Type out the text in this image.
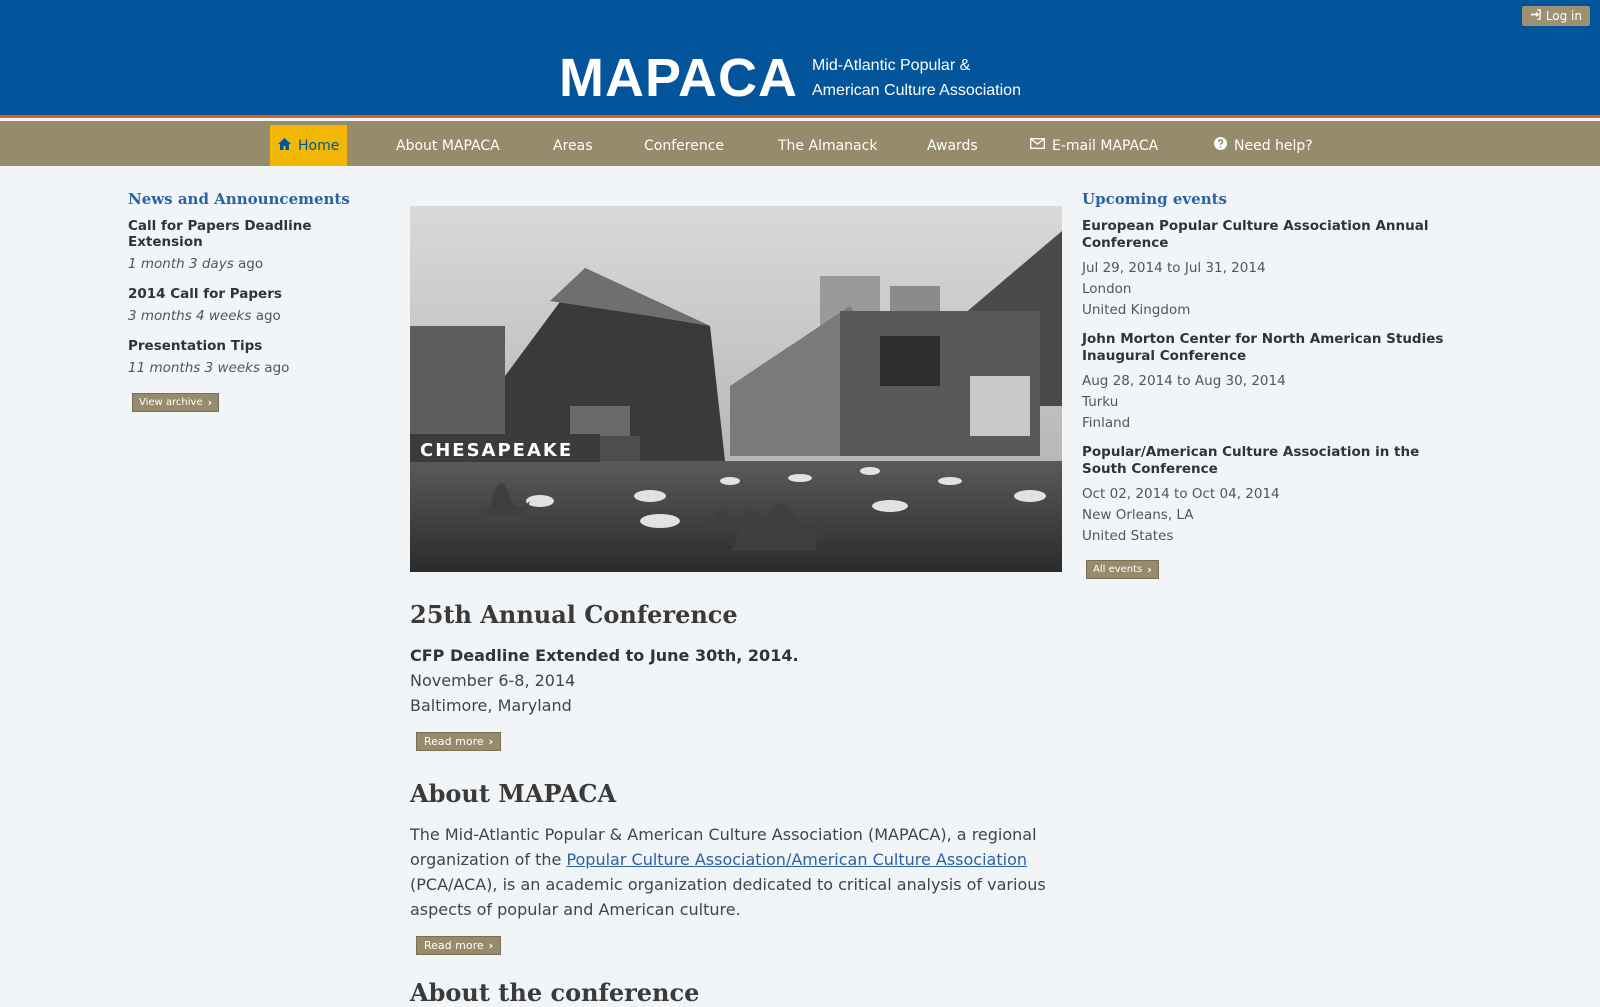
Log in
MAPACA Mid-Atlantic Popular &
American Culture Association
Home	About MAPACA	Areas	Conference	The Almanack	Awards	E-mail MAPACA	Need help?
News and Announcements
Call for Papers Deadline Extension
1 month 3 days ago
2014 Call for Papers
3 months 4 weeks ago
Presentation Tips
11 months 3 weeks ago
View archive ›
CHESAPEAKE
25th Annual Conference
CFP Deadline Extended to June 30th, 2014.
November 6-8, 2014
Baltimore, Maryland
Read more ›
About MAPACA
The Mid-Atlantic Popular & American Culture Association (MAPACA), a regional organization of the Popular Culture Association/American Culture Association (PCA/ACA), is an academic organization dedicated to critical analysis of various aspects of popular and American culture.
Read more ›
About the conference
Upcoming events
European Popular Culture Association Annual Conference
Jul 29, 2014 to Jul 31, 2014
London
United Kingdom
John Morton Center for North American Studies Inaugural Conference
Aug 28, 2014 to Aug 30, 2014
Turku
Finland
Popular/American Culture Association in the South Conference
Oct 02, 2014 to Oct 04, 2014
New Orleans, LA
United States
All events ›
